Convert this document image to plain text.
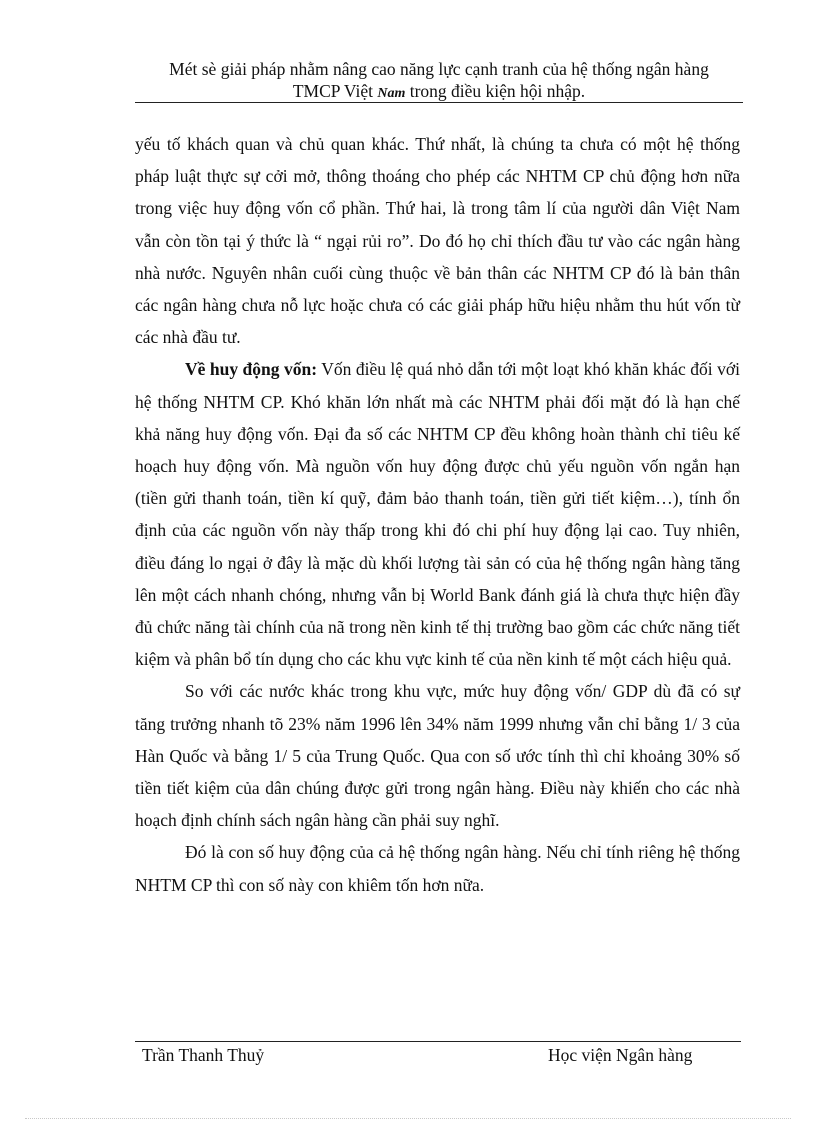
Mét sè giải pháp nhằm nâng cao năng lực cạnh tranh của hệ thống ngân hàng
TMCP Việt Nam trong điều kiện hội nhập.

yếu tố khách quan và chủ quan khác. Thứ nhất, là chúng ta chưa có một hệ thống pháp luật thực sự cởi mở, thông thoáng cho phép các NHTM CP chủ động hơn nữa trong việc huy động vốn cổ phần. Thứ hai, là trong tâm lí của người dân Việt Nam vẫn còn tồn tại ý thức là “ ngại rủi ro”. Do đó họ chỉ thích đầu tư vào các ngân hàng nhà nước. Nguyên nhân cuối cùng thuộc về bản thân các NHTM CP đó là bản thân các ngân hàng chưa nỗ lực hoặc chưa có các giải pháp hữu hiệu nhằm thu hút vốn từ các nhà đầu tư.

Về huy động vốn: Vốn điều lệ quá nhỏ dẫn tới một loạt khó khăn khác đối với hệ thống NHTM CP. Khó khăn lớn nhất mà các NHTM phải đối mặt đó là hạn chế khả năng huy động vốn. Đại đa số các NHTM CP đều không hoàn thành chỉ tiêu kế hoạch huy động vốn. Mà nguồn vốn huy động được chủ yếu nguồn vốn ngắn hạn (tiền gửi thanh toán, tiền kí quỹ, đảm bảo thanh toán, tiền gửi tiết kiệm…), tính ổn định của các nguồn vốn này thấp trong khi đó chi phí huy động lại cao. Tuy nhiên, điều đáng lo ngại ở đây là mặc dù khối lượng tài sản có của hệ thống ngân hàng tăng lên một cách nhanh chóng, nhưng vẫn bị World Bank đánh giá là chưa thực hiện đầy đủ chức năng tài chính của nã trong nền kinh tế thị trường bao gồm các chức năng tiết kiệm và phân bổ tín dụng cho các khu vực kinh tế của nền kinh tế một cách hiệu quả.

So với các nước khác trong khu vực, mức huy động vốn/ GDP dù đã có sự tăng trưởng nhanh tõ 23% năm 1996 lên 34% năm 1999 nhưng vẫn chỉ bằng 1/ 3 của Hàn Quốc và bằng 1/ 5 của Trung Quốc. Qua con số ước tính thì chỉ khoảng 30% số tiền tiết kiệm của dân chúng được gửi trong ngân hàng. Điều này khiến cho các nhà hoạch định chính sách ngân hàng cần phải suy nghĩ.

Đó là con số huy động của cả hệ thống ngân hàng. Nếu chỉ tính riêng hệ thống NHTM CP thì con số này con khiêm tốn hơn nữa.

Trần Thanh Thuỷ	Học viện Ngân hàng
